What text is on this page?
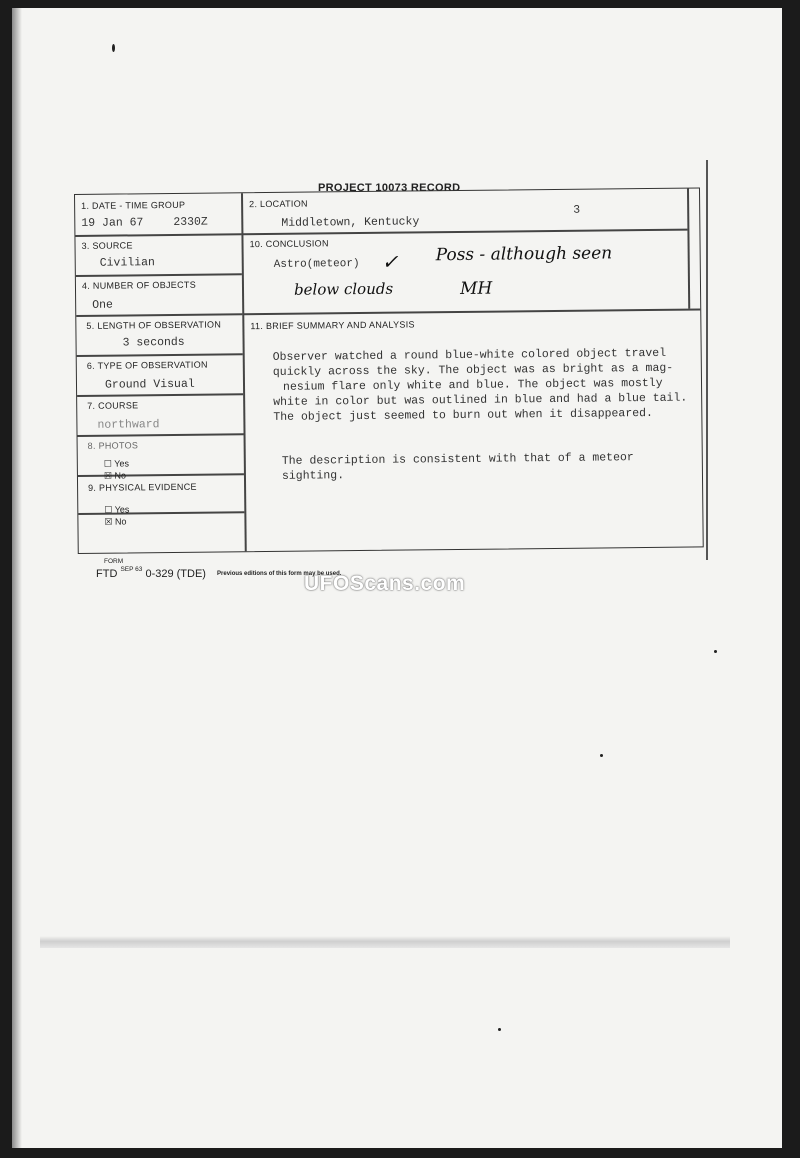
PROJECT 10073 RECORD
1. DATE - TIME GROUP
19 Jan 67	2330Z
3. SOURCE
Civilian
4. NUMBER OF OBJECTS
One
5. LENGTH OF OBSERVATION
3 seconds
6. TYPE OF OBSERVATION
Ground Visual
7. COURSE
northward
8. PHOTOS
☐ Yes
☒ No
9. PHYSICAL EVIDENCE
☐ Yes
☒ No
2. LOCATION
Middletown, Kentucky
3
10. CONCLUSION
Astro(meteor) ✓ Poss - although seen
below clouds	MH
11. BRIEF SUMMARY AND ANALYSIS
Observer watched a round blue-white colored object travel
quickly across the sky. The object was as bright as a mag-
nesium flare only white and blue. The object was mostly
white in color but was outlined in blue and had a blue tail.
The object just seemed to burn out when it disappeared.
The description is consistent with that of a meteor
sighting.
FORM
FTD $^{SEP 63}$ 0-329 (TDE) $_{Previous editions of this form may be used.}$
UFOScans.com
